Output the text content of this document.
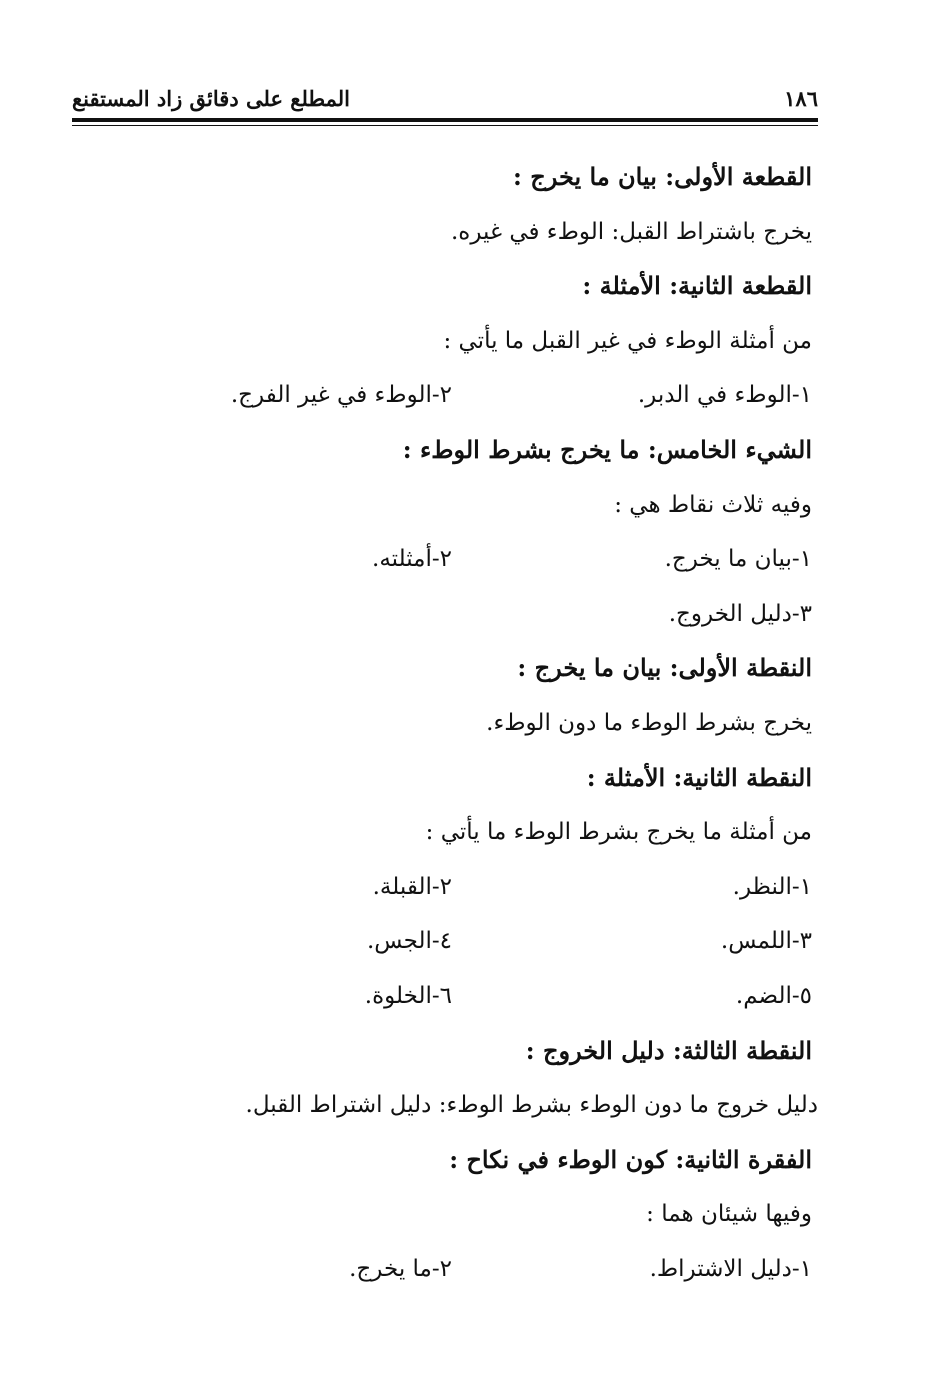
المطلع على دقائق زاد المستقنع	١٨٦
القطعة الأولى: بيان ما يخرج :
يخرج باشتراط القبل: الوطء في غيره.
القطعة الثانية: الأمثلة :
من أمثلة الوطء في غير القبل ما يأتي :
١-الوطء في الدبر.
٢-الوطء في غير الفرج.
الشيء الخامس: ما يخرج بشرط الوطء :
وفيه ثلاث نقاط هي :
١-بيان ما يخرج.
٢-أمثلته.
٣-دليل الخروج.
النقطة الأولى: بيان ما يخرج :
يخرج بشرط الوطء ما دون الوطء.
النقطة الثانية: الأمثلة :
من أمثلة ما يخرج بشرط الوطء ما يأتي :
١-النظر.
٢-القبلة.
٣-اللمس.
٤-الجس.
٥-الضم.
٦-الخلوة.
النقطة الثالثة: دليل الخروج :
دليل خروج ما دون الوطء بشرط الوطء: دليل اشتراط القبل.
الفقرة الثانية: كون الوطء في نكاح :
وفيها شيئان هما :
١-دليل الاشتراط.
٢-ما يخرج.
